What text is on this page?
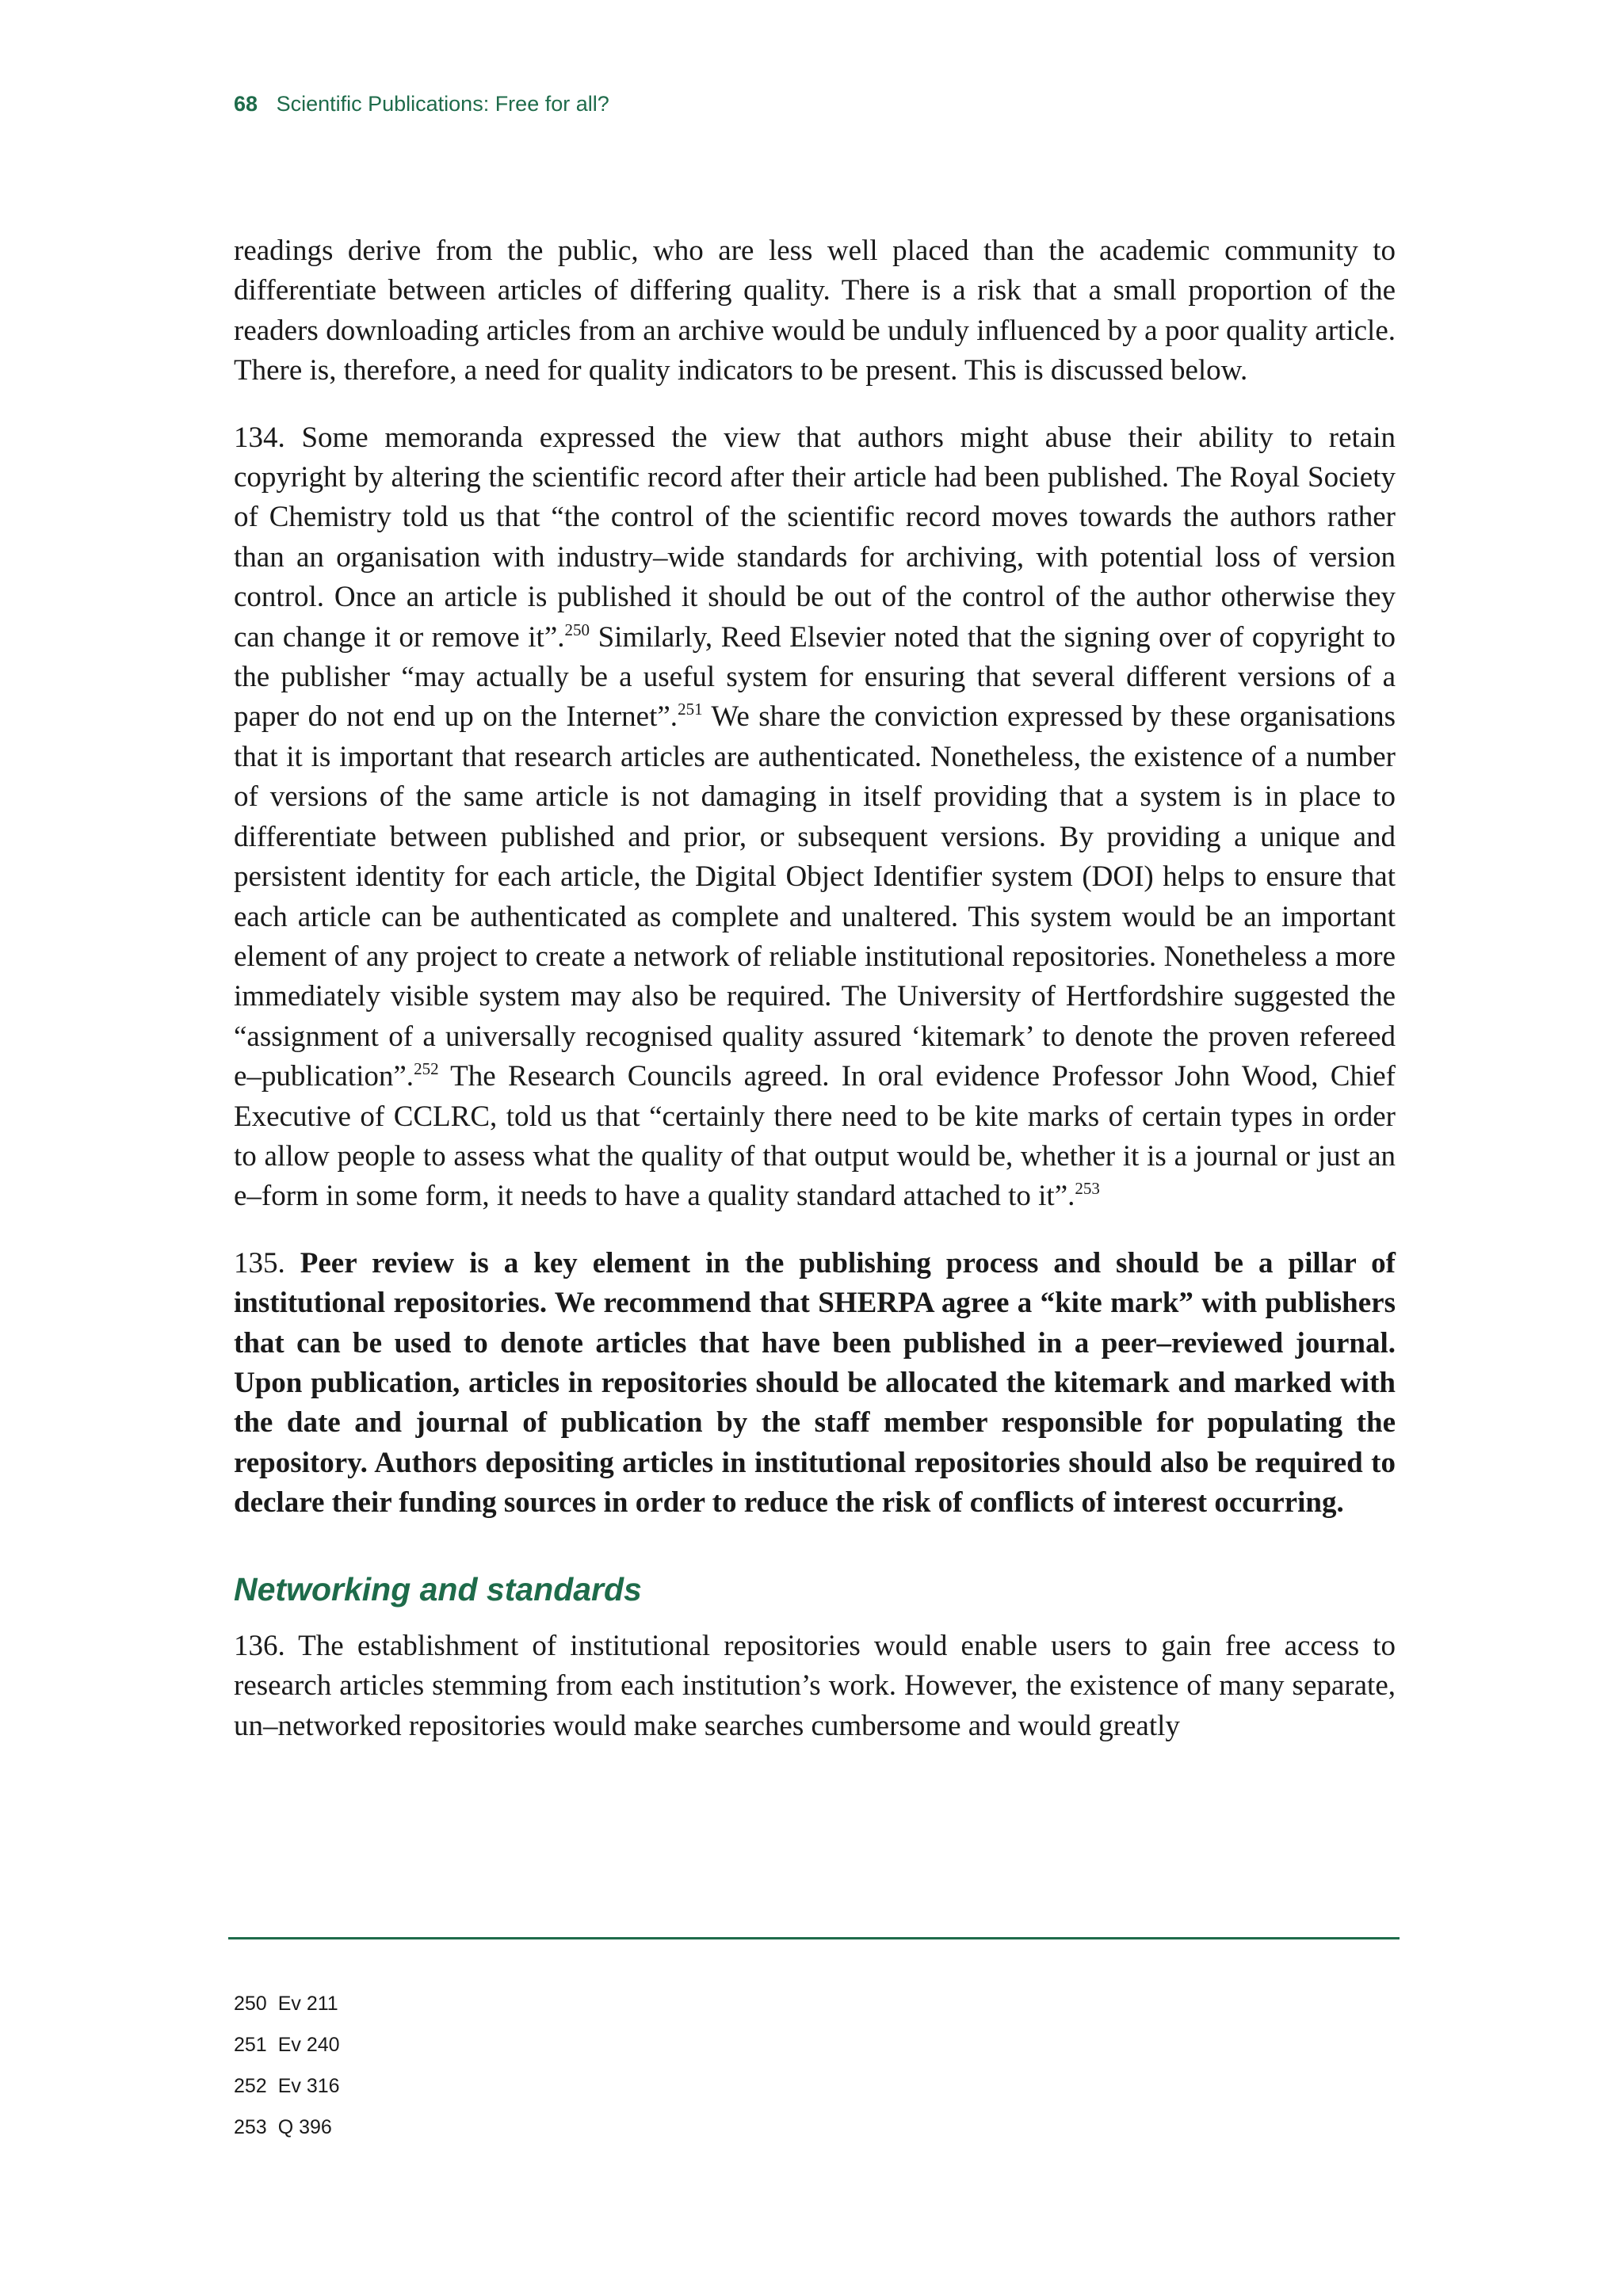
68 Scientific Publications: Free for all?

readings derive from the public, who are less well placed than the academic community to differentiate between articles of differing quality. There is a risk that a small proportion of the readers downloading articles from an archive would be unduly influenced by a poor quality article. There is, therefore, a need for quality indicators to be present. This is discussed below.

134. Some memoranda expressed the view that authors might abuse their ability to retain copyright by altering the scientific record after their article had been published. The Royal Society of Chemistry told us that “the control of the scientific record moves towards the authors rather than an organisation with industry–wide standards for archiving, with potential loss of version control. Once an article is published it should be out of the control of the author otherwise they can change it or remove it”.$^{250}$ Similarly, Reed Elsevier noted that the signing over of copyright to the publisher “may actually be a useful system for ensuring that several different versions of a paper do not end up on the Internet”.$^{251}$ We share the conviction expressed by these organisations that it is important that research articles are authenticated. Nonetheless, the existence of a number of versions of the same article is not damaging in itself providing that a system is in place to differentiate between published and prior, or subsequent versions. By providing a unique and persistent identity for each article, the Digital Object Identifier system (DOI) helps to ensure that each article can be authenticated as complete and unaltered. This system would be an important element of any project to create a network of reliable institutional repositories. Nonetheless a more immediately visible system may also be required. The University of Hertfordshire suggested the “assignment of a universally recognised quality assured ‘kitemark’ to denote the proven refereed e–publication”.$^{252}$ The Research Councils agreed. In oral evidence Professor John Wood, Chief Executive of CCLRC, told us that “certainly there need to be kite marks of certain types in order to allow people to assess what the quality of that output would be, whether it is a journal or just an e–form in some form, it needs to have a quality standard attached to it”.$^{253}$

135. Peer review is a key element in the publishing process and should be a pillar of institutional repositories. We recommend that SHERPA agree a “kite mark” with publishers that can be used to denote articles that have been published in a peer–reviewed journal. Upon publication, articles in repositories should be allocated the kitemark and marked with the date and journal of publication by the staff member responsible for populating the repository. Authors depositing articles in institutional repositories should also be required to declare their funding sources in order to reduce the risk of conflicts of interest occurring.

Networking and standards

136. The establishment of institutional repositories would enable users to gain free access to research articles stemming from each institution’s work. However, the existence of many separate, un–networked repositories would make searches cumbersome and would greatly

250 Ev 211
251 Ev 240
252 Ev 316
253 Q 396
